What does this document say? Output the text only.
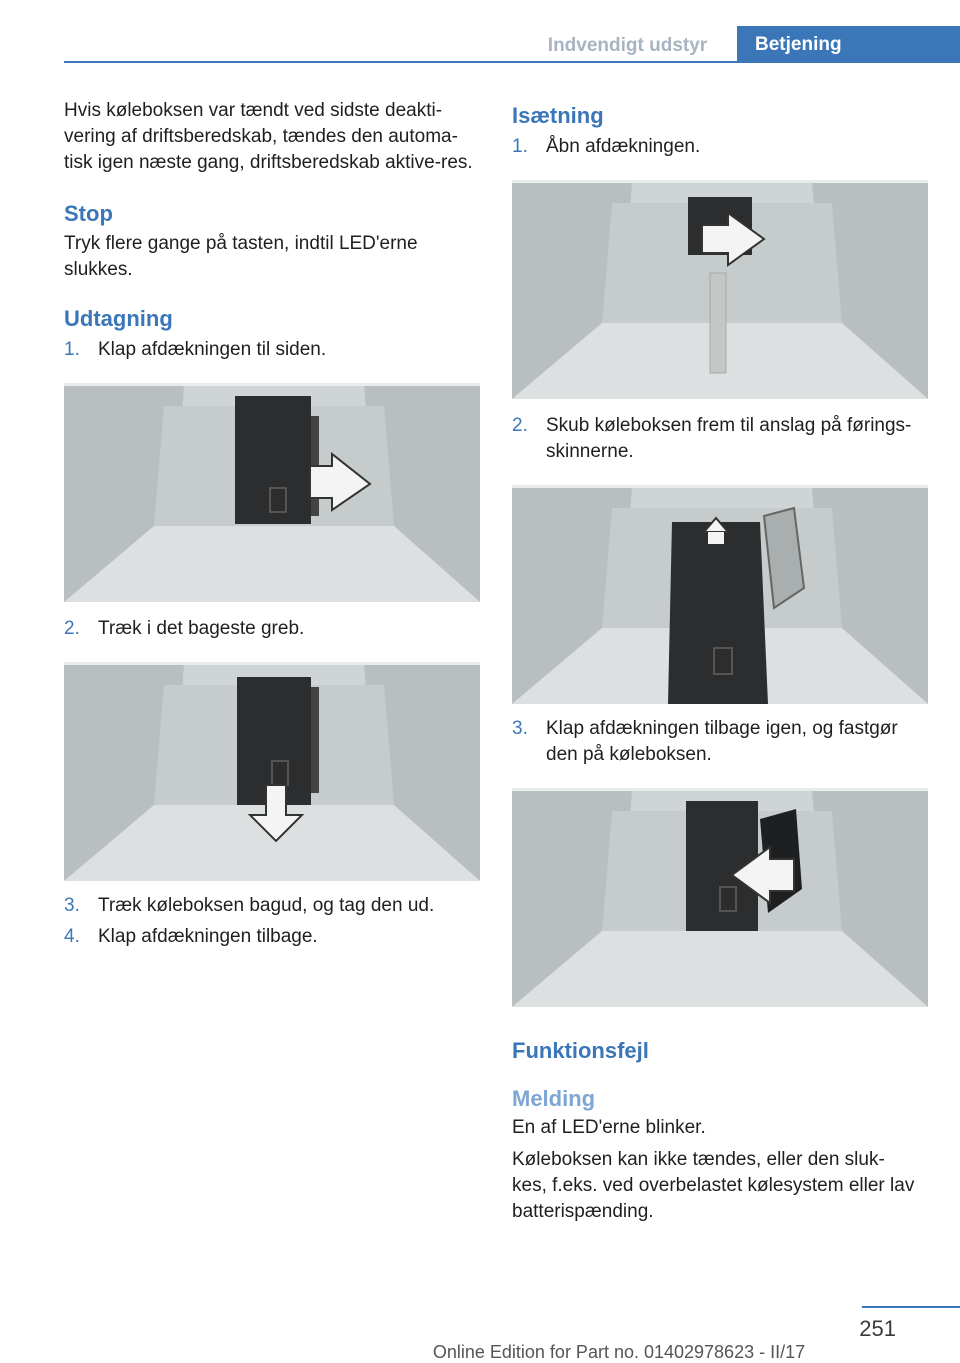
Indvendigt udstyr	Betjening

Hvis køleboksen var tændt ved sidste deakti-vering af driftsberedskab, tændes den automa-tisk igen næste gang, driftsberedskab aktive-res.

Stop

Tryk flere gange på tasten, indtil LED'erne slukkes.

Udtagning

1. Klap afdækningen til siden.
2. Træk i det bageste greb.
3. Træk køleboksen bagud, og tag den ud.
4. Klap afdækningen tilbage.

Isætning

1. Åbn afdækningen.
2. Skub køleboksen frem til anslag på førings-skinnerne.
3. Klap afdækningen tilbage igen, og fastgør den på køleboksen.

Funktionsfejl

Melding

En af LED'erne blinker.

Køleboksen kan ikke tændes, eller den sluk-kes, f.eks. ved overbelastet kølesystem eller lav batterispænding.

251
Online Edition for Part no. 01402978623 - II/17
